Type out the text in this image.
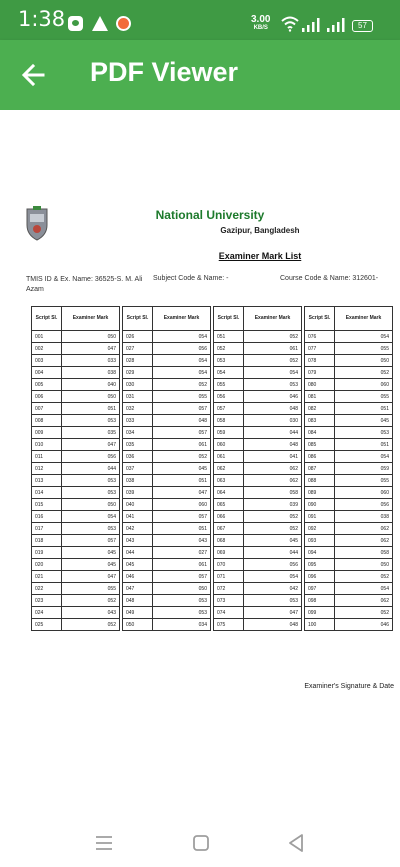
1:38	3.00
KB/S	57
PDF Viewer
National University
Gazipur, Bangladesh
Examiner Mark List
TMIS ID & Ex. Name: 36525-S. M. Ali Azam
Subject Code & Name: -	Course Code & Name: 312601-
Script Sl.	Examiner Mark
001	050
002	047
003	033
004	038
005	040
006	050
007	051
008	053
009	035
010	047
011	056
012	044
013	053
014	053
015	050
016	054
017	053
018	057
019	045
020	045
021	047
022	055
023	052
024	043
025	052
Script Sl.	Examiner Mark
026	054
027	056
028	054
029	054
030	052
031	055
032	057
033	048
034	057
035	061
036	052
037	045
038	051
039	047
040	060
041	057
042	051
043	043
044	027
045	061
046	057
047	050
048	053
049	053
050	034
Script Sl.	Examiner Mark
051	052
052	061
053	052
054	054
055	053
056	046
057	048
058	030
059	044
060	048
061	041
062	062
063	062
064	058
065	039
066	052
067	052
068	045
069	044
070	056
071	054
072	042
073	053
074	047
075	048
Script Sl.	Examiner Mark
076	054
077	055
078	050
079	052
080	060
081	055
082	051
083	045
084	053
085	051
086	054
087	059
088	055
089	060
090	056
091	038
092	062
093	062
094	058
095	050
096	052
097	054
098	062
099	052
100	046
Examiner's Signature & Date
